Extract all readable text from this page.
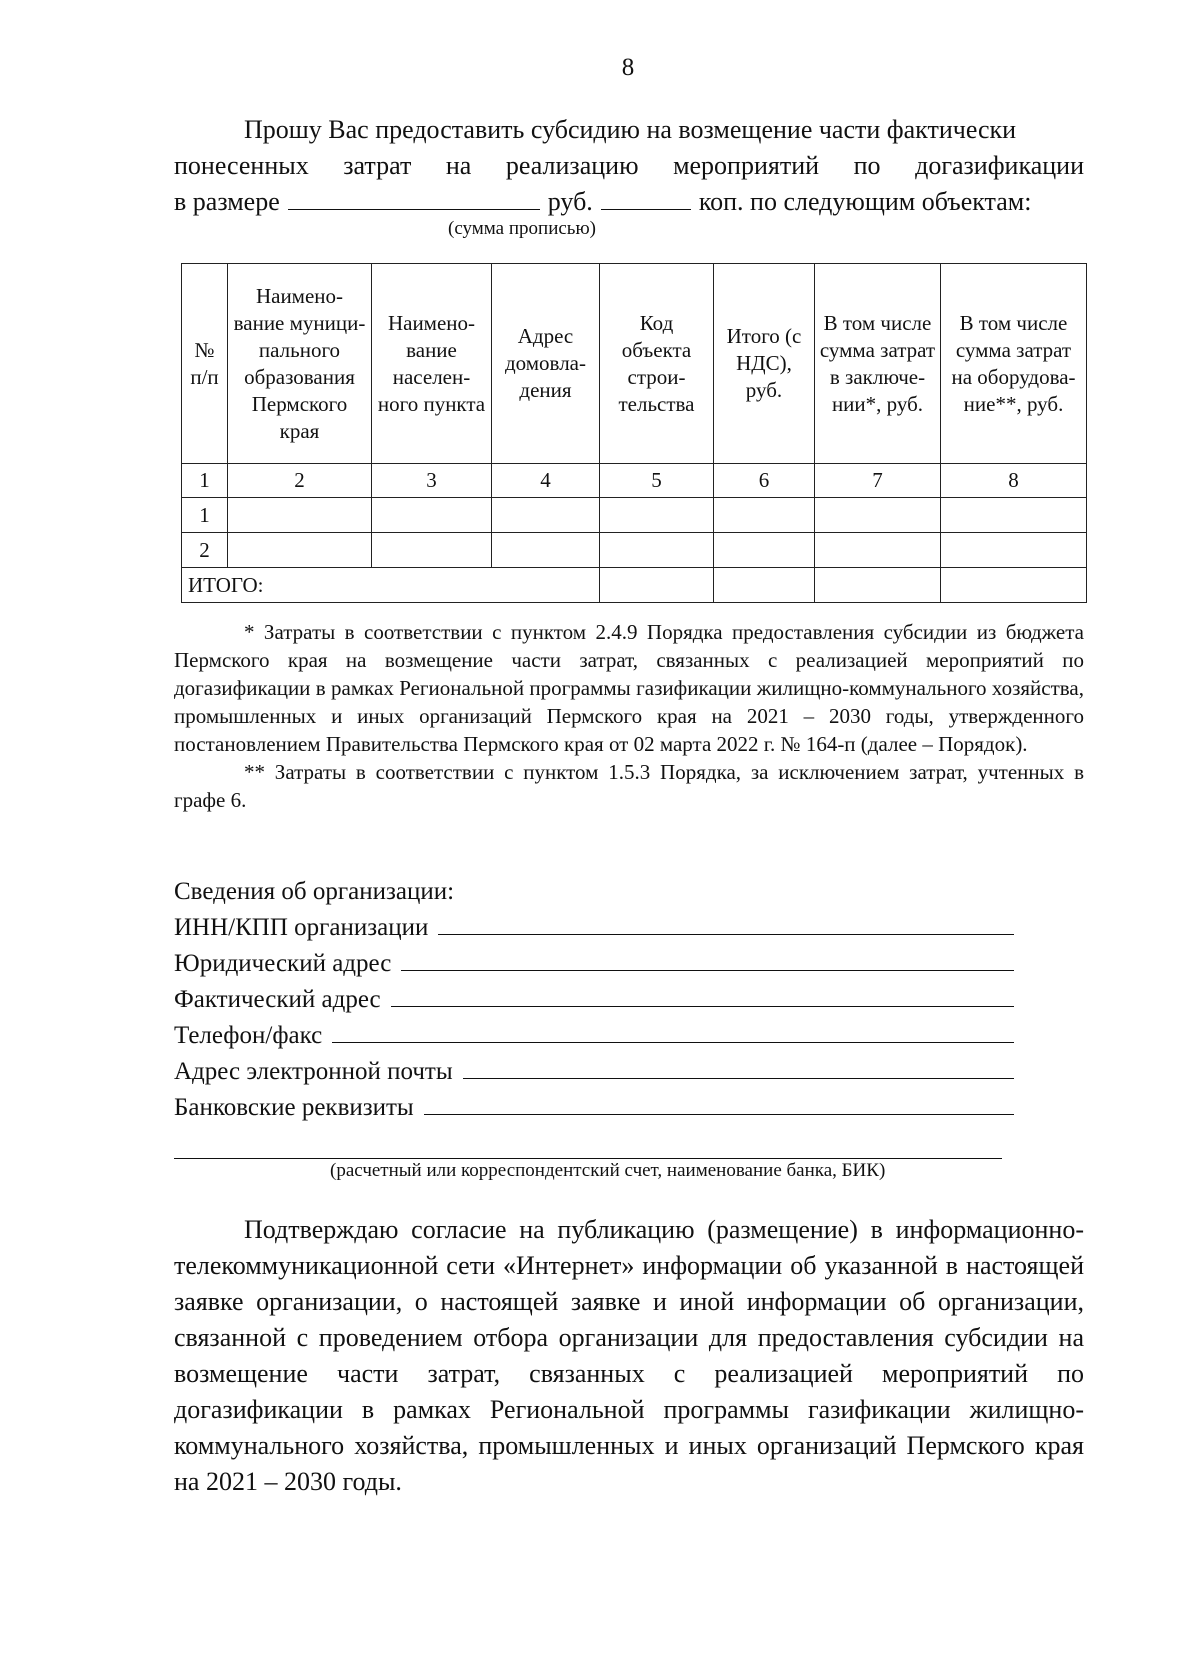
8
Прошу Вас предоставить субсидию на возмещение части фактически
понесенных затрат на реализацию мероприятий по догазификации
в размере	руб.	коп. по следующим объектам:
(сумма прописью)
№ п/п	Наимено-вание муници-пального образования Пермского края	Наимено-вание населен-ного пункта	Адрес домовла-дения	Код объекта строи-тельства	Итого (с НДС), руб.	В том числе сумма затрат в заключе-нии*, руб.	В том числе сумма затрат на оборудова-ние**, руб.
1	2	3	4	5	6	7	8
1							
2							
ИТОГО:							

* Затраты в соответствии с пунктом 2.4.9 Порядка предоставления субсидии из бюджета Пермского края на возмещение части затрат, связанных с реализацией мероприятий по догазификации в рамках Региональной программы газификации жилищно-коммунального хозяйства, промышленных и иных организаций Пермского края на 2021 – 2030 годы, утвержденного постановлением Правительства Пермского края от 02 марта 2022 г. № 164-п (далее – Порядок).

** Затраты в соответствии с пунктом 1.5.3 Порядка, за исключением затрат, учтенных в графе 6.

Сведения об организации:
ИНН/КПП организации
Юридический адрес
Фактический адрес
Телефон/факс
Адрес электронной почты
Банковские реквизиты
(расчетный или корреспондентский счет, наименование банка, БИК)

Подтверждаю согласие на публикацию (размещение) в информационно-телекоммуникационной сети «Интернет» информации об указанной в настоящей заявке организации, о настоящей заявке и иной информации об организации, связанной с проведением отбора организации для предоставления субсидии на возмещение части затрат, связанных с реализацией мероприятий по догазификации в рамках Региональной программы газификации жилищно-коммунального хозяйства, промышленных и иных организаций Пермского края на 2021 – 2030 годы.
